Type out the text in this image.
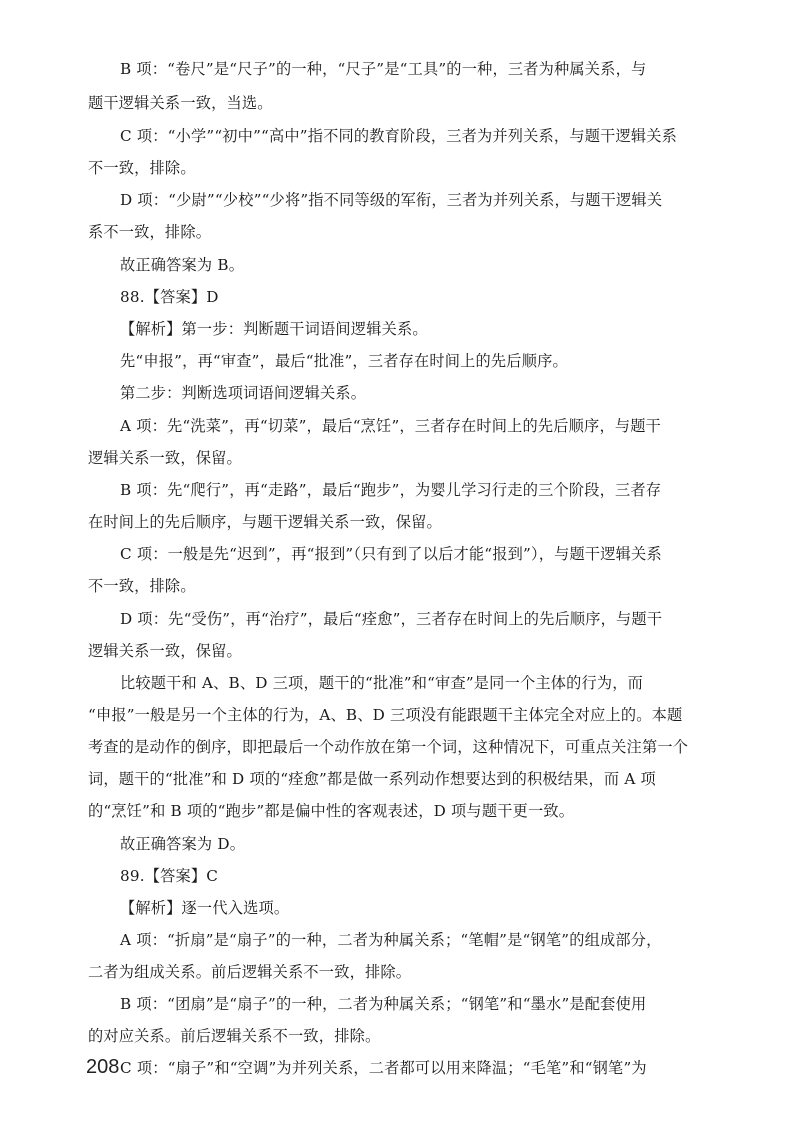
B 项：“卷尺”是“尺子”的一种，“尺子”是“工具”的一种，三者为种属关系，与
题干逻辑关系一致，当选。
C 项：“小学”“初中”“高中”指不同的教育阶段，三者为并列关系，与题干逻辑关系
不一致，排除。
D 项：“少尉”“少校”“少将”指不同等级的军衔，三者为并列关系，与题干逻辑关
系不一致，排除。
故正确答案为 B。
88.【答案】D
【解析】第一步：判断题干词语间逻辑关系。
先“申报”，再“审查”，最后“批准”，三者存在时间上的先后顺序。
第二步：判断选项词语间逻辑关系。
A 项：先“洗菜”，再“切菜”，最后“烹饪”，三者存在时间上的先后顺序，与题干
逻辑关系一致，保留。
B 项：先“爬行”，再“走路”，最后“跑步”，为婴儿学习行走的三个阶段，三者存
在时间上的先后顺序，与题干逻辑关系一致，保留。
C 项：一般是先“迟到”，再“报到”（只有到了以后才能“报到”），与题干逻辑关系
不一致，排除。
D 项：先“受伤”，再“治疗”，最后“痊愈”，三者存在时间上的先后顺序，与题干
逻辑关系一致，保留。
比较题干和 A、B、D 三项，题干的“批准”和“审查”是同一个主体的行为，而
“申报”一般是另一个主体的行为，A、B、D 三项没有能跟题干主体完全对应上的。本题
考查的是动作的倒序，即把最后一个动作放在第一个词，这种情况下，可重点关注第一个
词，题干的“批准”和 D 项的“痊愈”都是做一系列动作想要达到的积极结果，而 A 项
的“烹饪”和 B 项的“跑步”都是偏中性的客观表述，D 项与题干更一致。
故正确答案为 D。
89.【答案】C
【解析】逐一代入选项。
A 项：“折扇”是“扇子”的一种，二者为种属关系；“笔帽”是“钢笔”的组成部分，
二者为组成关系。前后逻辑关系不一致，排除。
B 项：“团扇”是“扇子”的一种，二者为种属关系；“钢笔”和“墨水”是配套使用
的对应关系。前后逻辑关系不一致，排除。
C 项：“扇子”和“空调”为并列关系，二者都可以用来降温；“毛笔”和“钢笔”为
208
